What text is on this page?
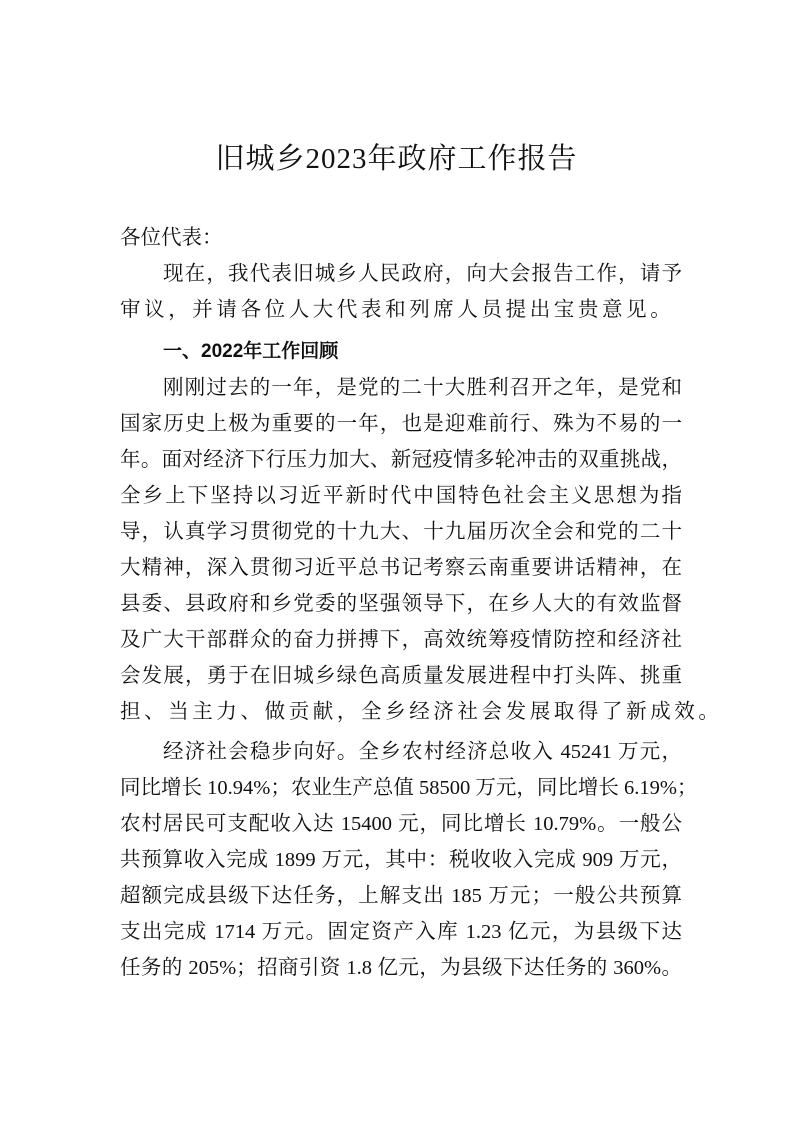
旧城乡2023年政府工作报告
各位代表：
现在，我代表旧城乡人民政府，向大会报告工作，请予
审议，并请各位人大代表和列席人员提出宝贵意见。
一、2022年工作回顾
刚刚过去的一年，是党的二十大胜利召开之年，是党和
国家历史上极为重要的一年，也是迎难前行、殊为不易的一
年。面对经济下行压力加大、新冠疫情多轮冲击的双重挑战，
全乡上下坚持以习近平新时代中国特色社会主义思想为指
导，认真学习贯彻党的十九大、十九届历次全会和党的二十
大精神，深入贯彻习近平总书记考察云南重要讲话精神，在
县委、县政府和乡党委的坚强领导下，在乡人大的有效监督
及广大干部群众的奋力拼搏下，高效统筹疫情防控和经济社
会发展，勇于在旧城乡绿色高质量发展进程中打头阵、挑重
担、当主力、做贡献，全乡经济社会发展取得了新成效。
经济社会稳步向好。全乡农村经济总收入 45241 万元，
同比增长 10.94%；农业生产总值 58500 万元，同比增长 6.19%；
农村居民可支配收入达 15400 元，同比增长 10.79%。一般公
共预算收入完成 1899 万元，其中：税收收入完成 909 万元，
超额完成县级下达任务，上解支出 185 万元；一般公共预算
支出完成 1714 万元。固定资产入库 1.23 亿元，为县级下达
任务的 205%；招商引资 1.8 亿元，为县级下达任务的 360%。
